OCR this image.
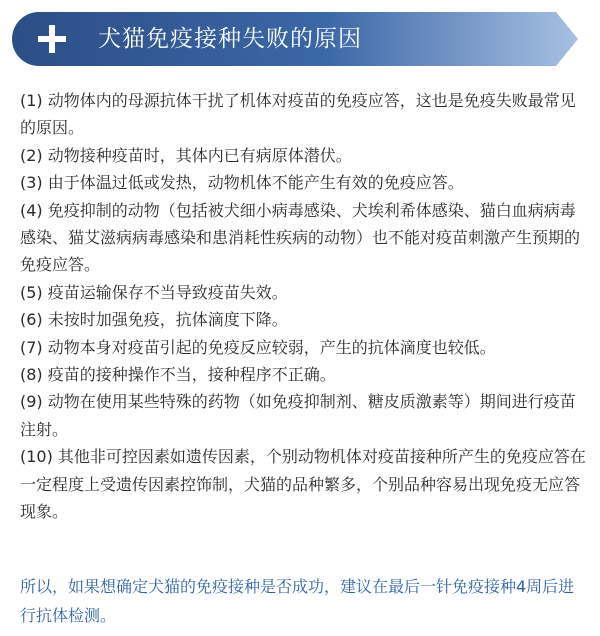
犬猫免疫接种失败的原因
(1) 动物体内的母源抗体干扰了机体对疫苗的免疫应答，这也是免疫失败最常见的原因。
(2) 动物接种疫苗时，其体内已有病原体潜伏。
(3) 由于体温过低或发热，动物机体不能产生有效的免疫应答。
(4) 免疫抑制的动物（包括被犬细小病毒感染、犬埃利希体感染、猫白血病病毒感染、猫艾滋病病毒感染和患消耗性疾病的动物）也不能对疫苗刺激产生预期的免疫应答。
(5) 疫苗运输保存不当导致疫苗失效。
(6) 未按时加强免疫，抗体滴度下降。
(7) 动物本身对疫苗引起的免疫反应较弱，产生的抗体滴度也较低。
(8) 疫苗的接种操作不当，接种程序不正确。
(9) 动物在使用某些特殊的药物（如免疫抑制剂、糖皮质激素等）期间进行疫苗注射。
(10) 其他非可控因素如遗传因素，个别动物机体对疫苗接种所产生的免疫应答在一定程度上受遗传因素控饰制，犬猫的品种繁多，个别品种容易出现免疫无应答现象。

所以，如果想确定犬猫的免疫接种是否成功，建议在最后一针免疫接种4周后进行抗体检测。
